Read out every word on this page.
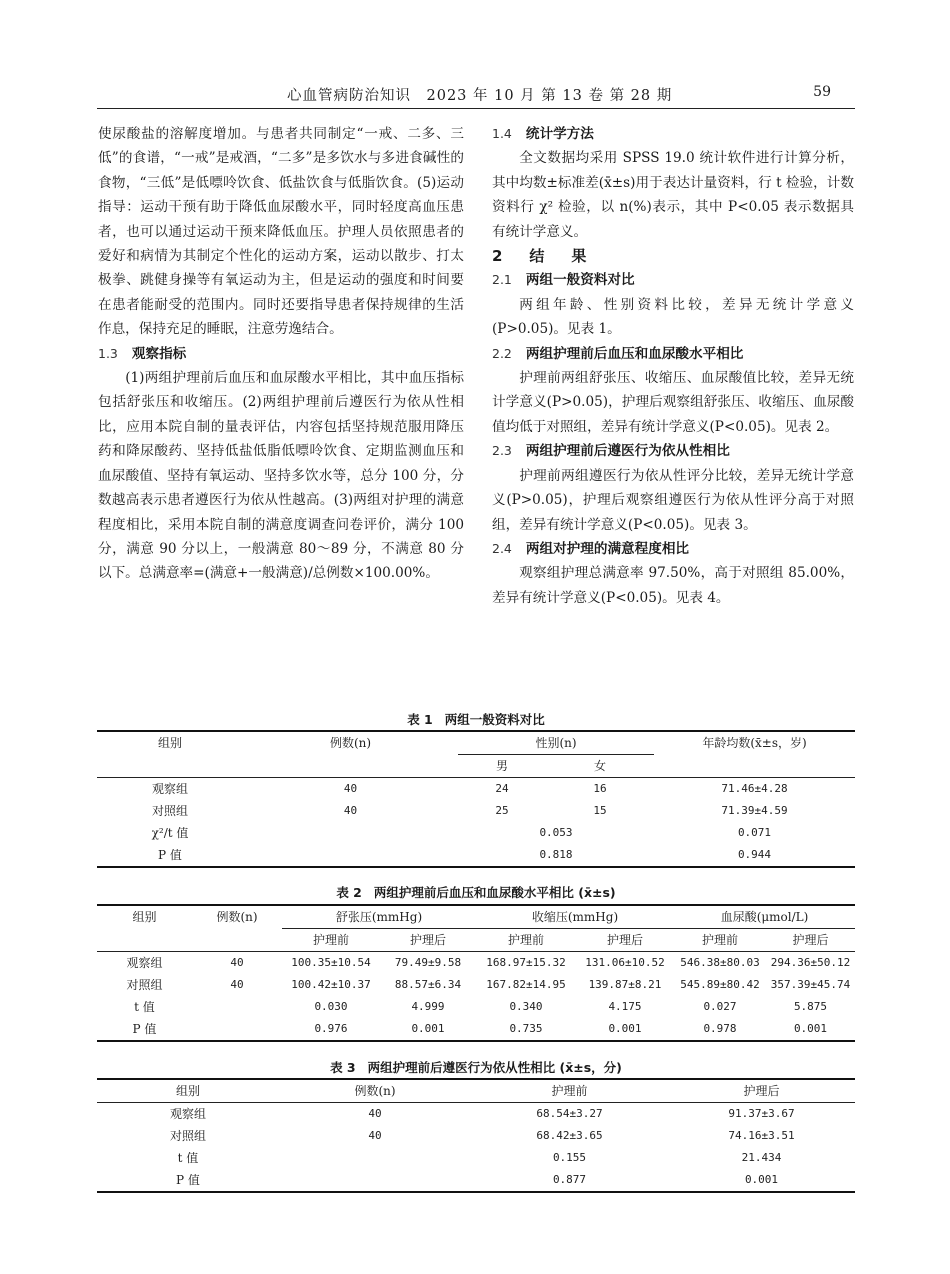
心血管病防治知识　2023 年 10 月 第 13 卷 第 28 期	59

使尿酸盐的溶解度增加。与患者共同制定“一戒、二多、三低”的食谱，“一戒”是戒酒，“二多”是多饮水与多进食碱性的食物，“三低”是低嘌呤饮食、低盐饮食与低脂饮食。(5)运动指导：运动干预有助于降低血尿酸水平，同时轻度高血压患者，也可以通过运动干预来降低血压。护理人员依照患者的爱好和病情为其制定个性化的运动方案，运动以散步、打太极拳、跳健身操等有氧运动为主，但是运动的强度和时间要在患者能耐受的范围内。同时还要指导患者保持规律的生活作息，保持充足的睡眠，注意劳逸结合。

1.3 观察指标

(1)两组护理前后血压和血尿酸水平相比，其中血压指标包括舒张压和收缩压。(2)两组护理前后遵医行为依从性相比，应用本院自制的量表评估，内容包括坚持规范服用降压药和降尿酸药、坚持低盐低脂低嘌呤饮食、定期监测血压和血尿酸值、坚持有氧运动、坚持多饮水等，总分 100 分，分数越高表示患者遵医行为依从性越高。(3)两组对护理的满意程度相比，采用本院自制的满意度调查问卷评价，满分 100 分，满意 90 分以上，一般满意 80～89 分，不满意 80 分以下。总满意率=(满意+一般满意)/总例数×100.00%。

1.4 统计学方法

全文数据均采用 SPSS 19.0 统计软件进行计算分析，其中均数±标准差(x̄±s)用于表达计量资料，行 t 检验，计数资料行 χ² 检验，以 n(%)表示，其中 P<0.05 表示数据具有统计学意义。

2　结　果

2.1 两组一般资料对比

两组年龄、性别资料比较，差异无统计学意义(P>0.05)。见表 1。

2.2 两组护理前后血压和血尿酸水平相比

护理前两组舒张压、收缩压、血尿酸值比较，差异无统计学意义(P>0.05)，护理后观察组舒张压、收缩压、血尿酸值均低于对照组，差异有统计学意义(P<0.05)。见表 2。

2.3 两组护理前后遵医行为依从性相比

护理前两组遵医行为依从性评分比较，差异无统计学意义(P>0.05)，护理后观察组遵医行为依从性评分高于对照组，差异有统计学意义(P<0.05)。见表 3。

2.4 两组对护理的满意程度相比

观察组护理总满意率 97.50%，高于对照组 85.00%，差异有统计学意义(P<0.05)。见表 4。

表 1 两组一般资料对比
组别	例数(n)	性别(n)		年龄均数(x̄±s，岁)
		男	女	
观察组	40	24	16	71.46±4.28
对照组	40	25	15	71.39±4.59
χ²/t 值		0.053		0.071
P 值		0.818		0.944
表 2 两组护理前后血压和血尿酸水平相比 (x̄±s)
组别	例数(n)	舒张压(mmHg)		收缩压(mmHg)		血尿酸(μmol/L)	
		护理前	护理后	护理前	护理后	护理前	护理后
观察组	40	100.35±10.54	79.49±9.58	168.97±15.32	131.06±10.52	546.38±80.03	294.36±50.12
对照组	40	100.42±10.37	88.57±6.34	167.82±14.95	139.87±8.21	545.89±80.42	357.39±45.74
t 值		0.030	4.999	0.340	4.175	0.027	5.875
P 值		0.976	0.001	0.735	0.001	0.978	0.001
表 3 两组护理前后遵医行为依从性相比 (x̄±s，分)
组别	例数(n)	护理前	护理后
观察组	40	68.54±3.27	91.37±3.67
对照组	40	68.42±3.65	74.16±3.51
t 值		0.155	21.434
P 值		0.877	0.001
